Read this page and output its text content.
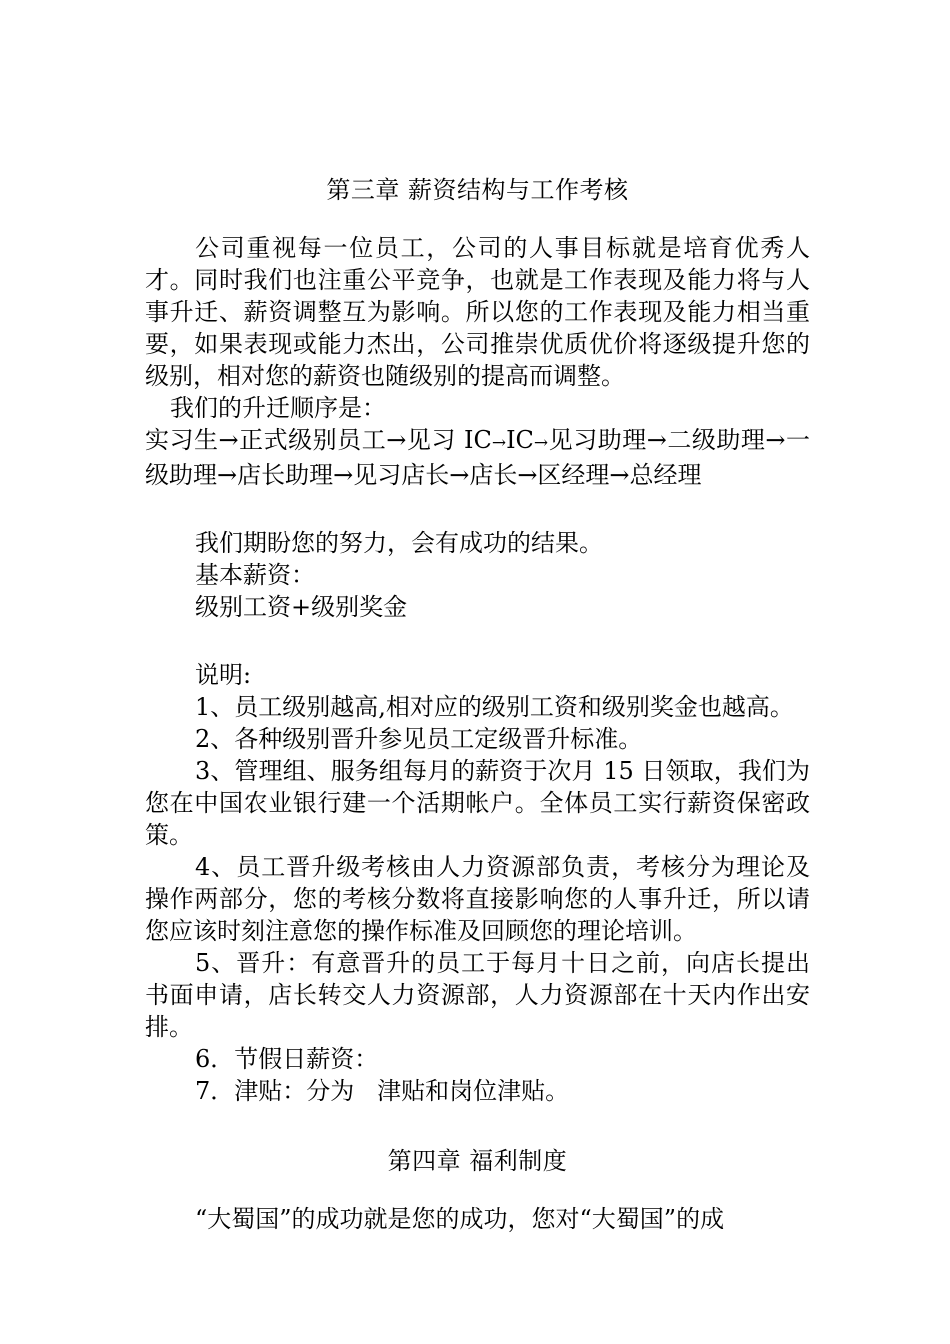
第三章 薪资结构与工作考核

公司重视每一位员工，公司的人事目标就是培育优秀人才。同时我们也注重公平竞争，也就是工作表现及能力将与人事升迁、薪资调整互为影响。所以您的工作表现及能力相当重要，如果表现或能力杰出，公司推崇优质优价将逐级提升您的级别，相对您的薪资也随级别的提高而调整。

我们的升迁顺序是：

实习生→正式级别员工→见习 IC→IC→见习助理→二级助理→一级助理→店长助理→见习店长→店长→区经理→总经理

我们期盼您的努力，会有成功的结果。

基本薪资：

级别工资+级别奖金

说明:

1、员工级别越高,相对应的级别工资和级别奖金也越高。

2、各种级别晋升参见员工定级晋升标准。

3、管理组、服务组每月的薪资于次月 15 日领取，我们为您在中国农业银行建一个活期帐户。全体员工实行薪资保密政策。

4、员工晋升级考核由人力资源部负责，考核分为理论及操作两部分，您的考核分数将直接影响您的人事升迁，所以请您应该时刻注意您的操作标准及回顾您的理论培训。

5、晋升：有意晋升的员工于每月十日之前，向店长提出书面申请，店长转交人力资源部，人力资源部在十天内作出安排。

6．节假日薪资：

7．津贴：分为   津贴和岗位津贴。

第四章 福利制度

“大蜀国”的成功就是您的成功，您对“大蜀国”的成
